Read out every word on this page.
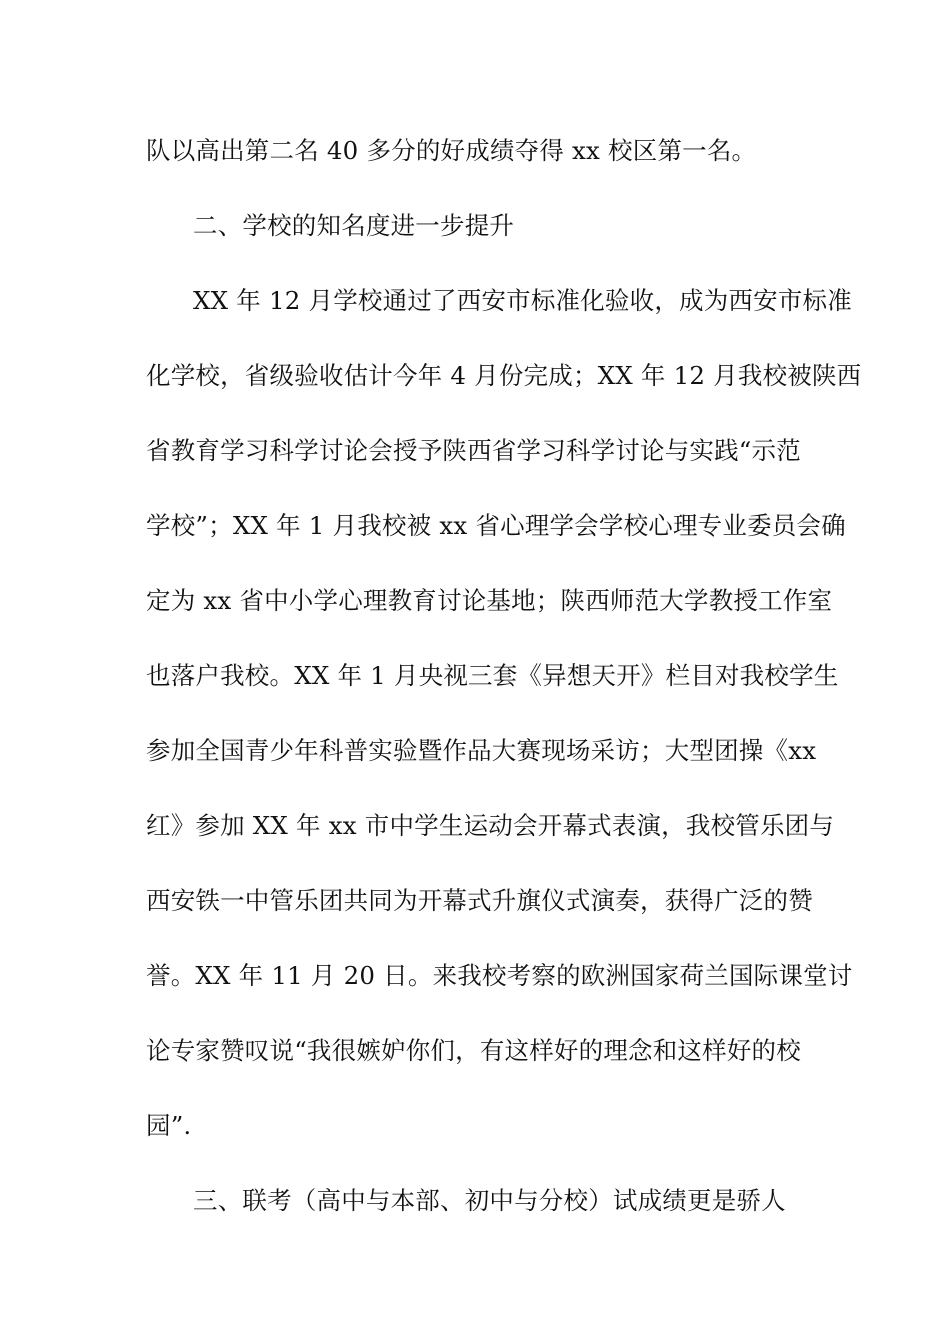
队以高出第二名 40 多分的好成绩夺得 xx 校区第一名。
二、学校的知名度进一步提升
XX 年 12 月学校通过了西安市标准化验收，成为西安市标准
化学校，省级验收估计今年 4 月份完成；XX 年 12 月我校被陕西
省教育学习科学讨论会授予陕西省学习科学讨论与实践“示范
学校”；XX 年 1 月我校被 xx 省心理学会学校心理专业委员会确
定为 xx 省中小学心理教育讨论基地；陕西师范大学教授工作室
也落户我校。XX 年 1 月央视三套《异想天开》栏目对我校学生
参加全国青少年科普实验暨作品大赛现场采访；大型团操《xx
红》参加 XX 年 xx 市中学生运动会开幕式表演，我校管乐团与
西安铁一中管乐团共同为开幕式升旗仪式演奏，获得广泛的赞
誉。XX 年 11 月 20 日。来我校考察的欧洲国家荷兰国际课堂讨
论专家赞叹说“我很嫉妒你们，有这样好的理念和这样好的校
园”.
三、联考（高中与本部、初中与分校）试成绩更是骄人
